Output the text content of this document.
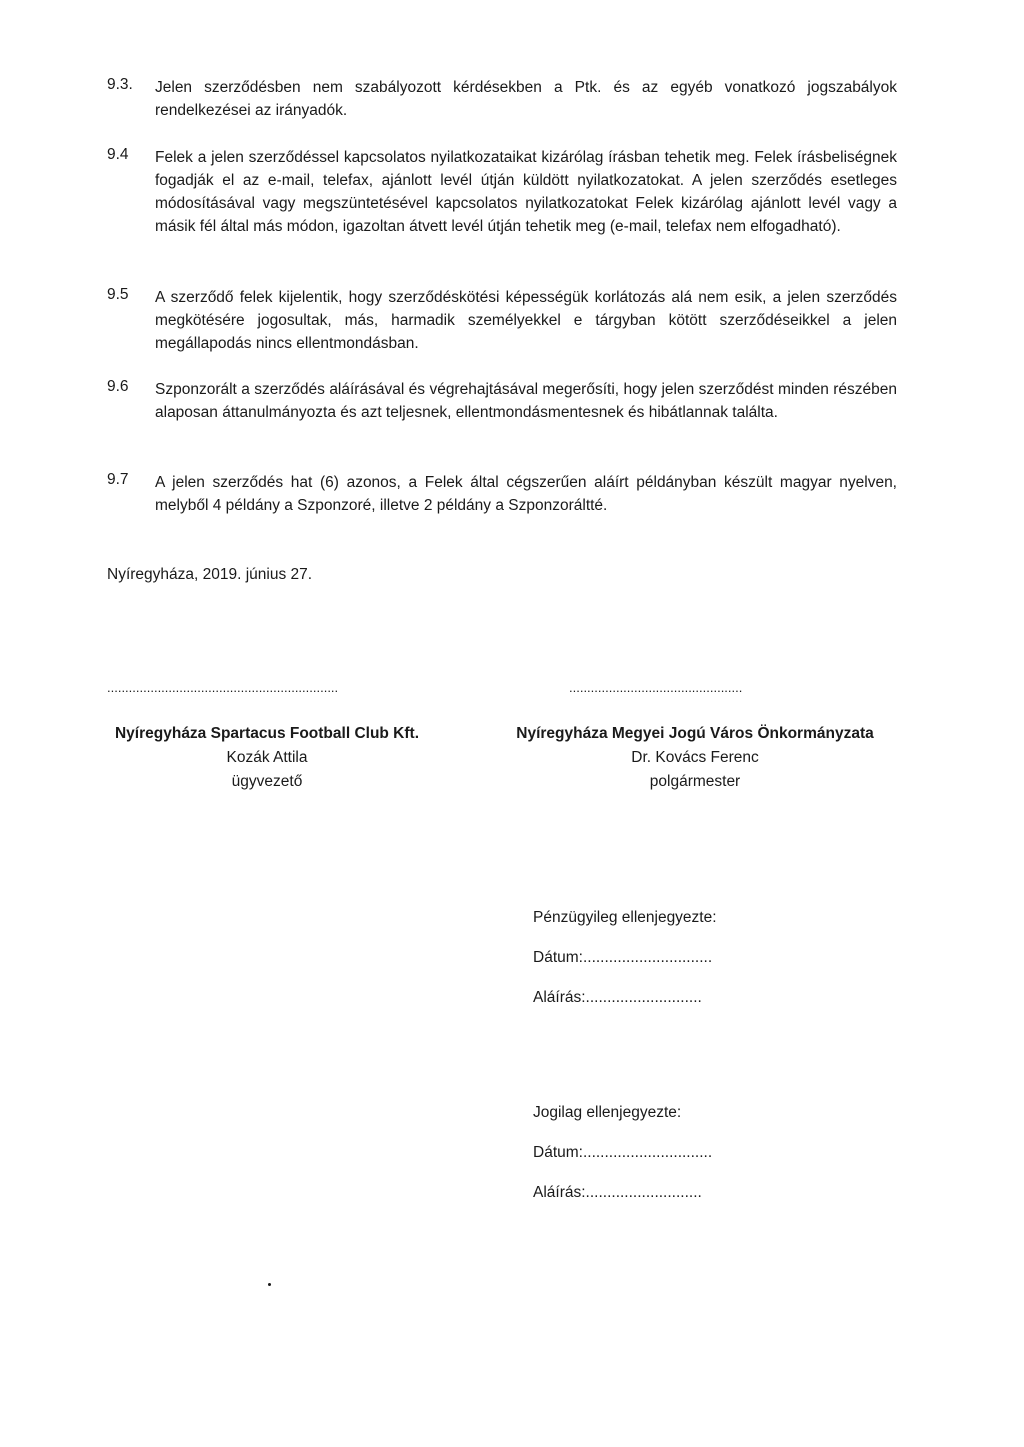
9.3.	Jelen szerződésben nem szabályozott kérdésekben a Ptk. és az egyéb vonatkozó jogszabályok rendelkezései az irányadók.
9.4	Felek a jelen szerződéssel kapcsolatos nyilatkozataikat kizárólag írásban tehetik meg. Felek írásbeliségnek fogadják el az e-mail, telefax, ajánlott levél útján küldött nyilatkozatokat. A jelen szerződés esetleges módosításával vagy megszüntetésével kapcsolatos nyilatkozatokat Felek kizárólag ajánlott levél vagy a másik fél által más módon, igazoltan átvett levél útján tehetik meg (e-mail, telefax nem elfogadható).
9.5	A szerződő felek kijelentik, hogy szerződéskötési képességük korlátozás alá nem esik, a jelen szerződés megkötésére jogosultak, más, harmadik személyekkel e tárgyban kötött szerződéseikkel a jelen megállapodás nincs ellentmondásban.
9.6	Szponzorált a szerződés aláírásával és végrehajtásával megerősíti, hogy jelen szerződést minden részében alaposan áttanulmányozta és azt teljesnek, ellentmondásmentesnek és hibátlannak találta.
9.7	A jelen szerződés hat (6) azonos, a Felek által cégszerűen aláírt példányban készült magyar nyelven, melyből 4 példány a Szponzoré, illetve 2 példány a Szponzoráltté.
Nyíregyháza, 2019. június 27.
................................................................	................................................
Nyíregyháza Spartacus Football Club Kft.
Kozák Attila
ügyvezető
Nyíregyháza Megyei Jogú Város Önkormányzata
Dr. Kovács Ferenc
polgármester
Pénzügyileg ellenjegyezte:
Dátum:..............................
Aláírás:...........................
Jogilag ellenjegyezte:
Dátum:..............................
Aláírás:...........................
